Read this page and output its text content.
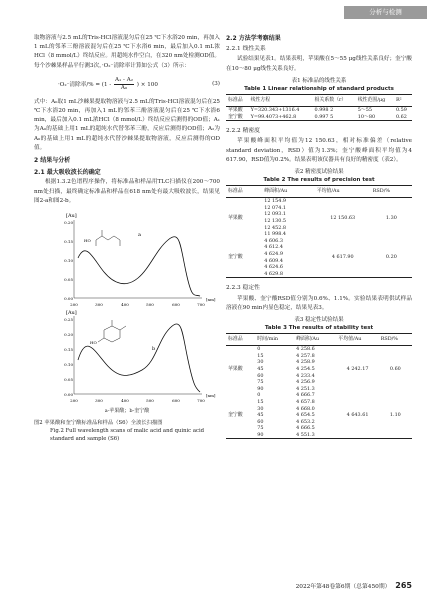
分析与检测

取物溶液与2.5 mL的Tris-HCl溶液混匀后在25 ℃下水浴20 min，再加入1 mL的邻苯三酚溶液混匀后在25 ℃下水浴6 min，最后加入0.1 mL浓HCl（8 mmol/L）终结反应。用超纯水作空白，在320 nm处检测OD值。每个沙棘果样品平行测3次，·O₂⁻清除率计算如公式（3）所示：

·O₂⁻清除率/% = ($1 - \frac{\text{A₁ - A₂}}{\text{A₀}}$ ) × 100	(3)

式中：A₀取1 mL沙棘果提取物溶液与2.5 mL的Tris-HCl溶液混匀后在25 ℃下水浴20 min，再加入1 mL的邻苯三酚溶液混匀后在25 ℃下水浴6 min，最后加入0.1 mL浓HCl（8 mmol/L）终结反应后测得的OD值；A₁为A₀的基础上用1 mL的超纯水代替邻苯三酚，反应后测得的OD值；A₂为A₀的基础上用1 mL的超纯水代替沙棘果提取物溶液，反应后测得的OD值。

2 结果与分析
2.1 最大吸收波长的确定

根据1.3.2色谱程序操作，将标准品和样品用TLC扫描仪在200～700 nm处扫描，最终确定标准品和样品在618 nm处有最大吸收波长，结果见图2-a和图2-b。

[Au]
0.00
0.05
0.10
0.15
0.20
a
HO
200	300	400	500	600	700
[nm]
[Au]
0.00
0.05
0.10
0.15
0.20
0.25
b
HO
200	300	400	500	600	700
[nm]
a-苹果酸；b-奎宁酸
图2 苹果酸和奎宁酸标准品和样品（S6）全波长扫描图
Fig.2 Full wavelength scans of malic acid and quinic acid standard and sample (S6)
2.2 方法学考察结果
2.2.1 线性关系

试验结果见表1。结果表明，苹果酸在5～55 μg线性关系良好；奎宁酸在10～80 μg线性关系良好。

表1 标准品的线性关系
Table 1 Linear relationship of standard products
标准品	线性方程	相关系数（r）	线性范围/μg	R²
苹果酸	Y=320.343+1316.4	0.998 2	5～55	0.59
奎宁酸	Y=99.4073+462.8	0.997 5	10～80	0.62
2.2.2 精密度

苹果酸峰面积平均值为12 150.63，相对标准偏差（relative standard deviation，RSD）值为1.3%；奎宁酸峰面积平均值为4 617.90，RSD值为0.2%。结果表明该仪器具有良好的精密度（表2）。

表2 精密度试验结果
Table 2 The results of precision test
标准品	峰面积/Au	平均值/Au	RSD/%
苹果酸	12 154.9	12 150.63	1.30
	12 074.1		
	12 093.1		
	12 130.5		
	12 452.8		
	11 998.4		
奎宁酸	4 606.3	4 617.90	0.20
	4 612.4		
	4 624.9		
	4 609.4		
	4 624.6		
	4 629.8		
2.2.3 稳定性

苹果酸、奎宁酸RSD值分别为0.6%、1.1%。实验结果表明供试样品溶液在90 min内显色稳定，结果见表3。

表3 稳定性试验结果
Table 3 The results of stability test
标准品	时间/min	峰面积/Au	平均值/Au	RSD/%
苹果酸	0	4 258.6	4 242.17	0.60
	15	4 257.8		
	30	4 258.9		
	45	4 254.5		
	60	4 233.4		
	75	4 256.9		
	90	4 251.3		
奎宁酸	0	4 666.7	4 643.61	1.10
	15	4 657.8		
	30	4 668.0		
	45	4 654.5		
	60	4 653.2		
	75	4 666.5		
	90	4 551.3		
2022年第48卷第6期（总第450期） 265
